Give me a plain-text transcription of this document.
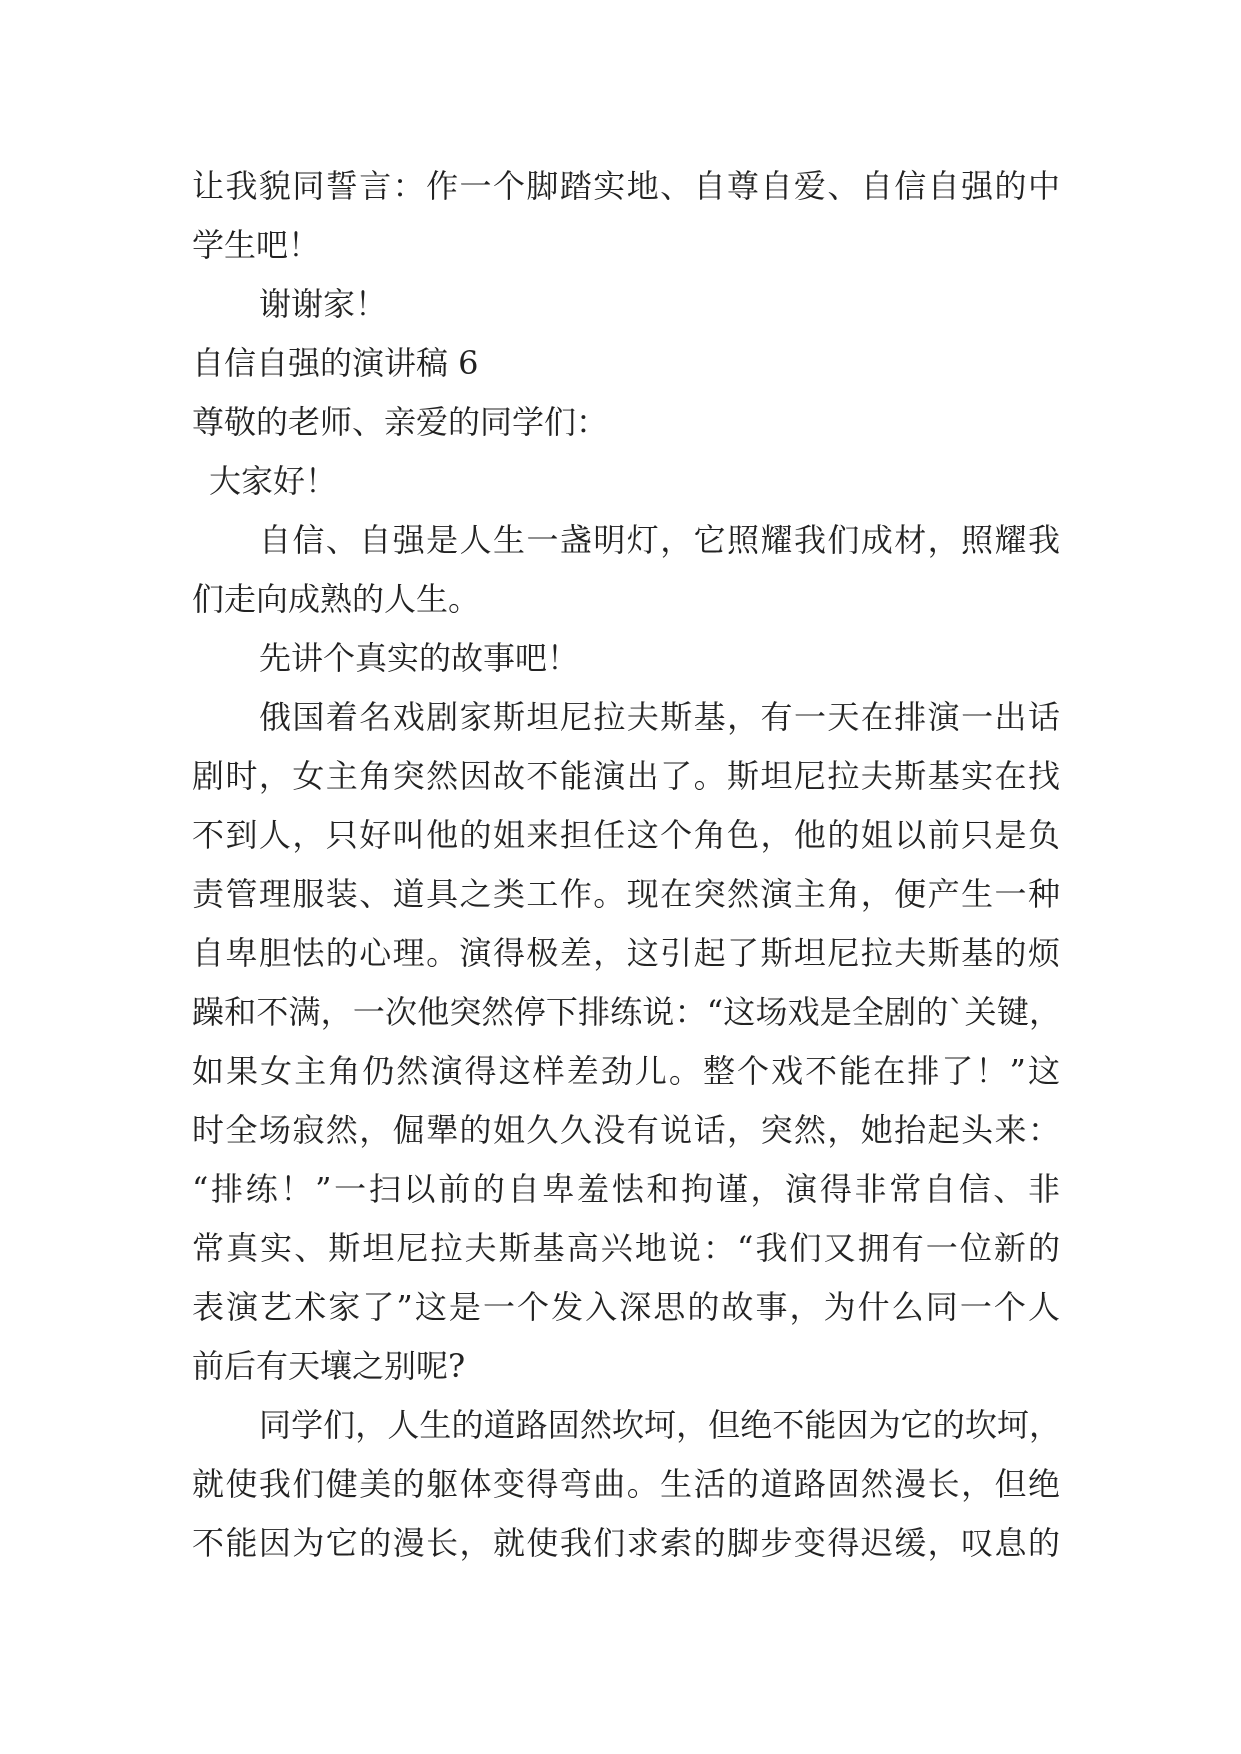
让我貌同誓言：作一个脚踏实地、自尊自爱、自信自强的中
学生吧！
谢谢家！
自信自强的演讲稿 6
尊敬的老师、亲爱的同学们：
大家好！
自信、自强是人生一盏明灯，它照耀我们成材，照耀我
们走向成熟的人生。
先讲个真实的故事吧！
俄国着名戏剧家斯坦尼拉夫斯基，有一天在排演一出话
剧时，女主角突然因故不能演出了。斯坦尼拉夫斯基实在找
不到人，只好叫他的姐来担任这个角色，他的姐以前只是负
责管理服装、道具之类工作。现在突然演主角，便产生一种
自卑胆怯的心理。演得极差，这引起了斯坦尼拉夫斯基的烦
躁和不满，一次他突然停下排练说：“这场戏是全剧的`关键，
如果女主角仍然演得这样差劲儿。整个戏不能在排了！”这
时全场寂然，倔犟的姐久久没有说话，突然，她抬起头来：
“排练！”一扫以前的自卑羞怯和拘谨，演得非常自信、非
常真实、斯坦尼拉夫斯基高兴地说：“我们又拥有一位新的
表演艺术家了”这是一个发入深思的故事，为什么同一个人
前后有天壤之别呢?
同学们，人生的道路固然坎坷，但绝不能因为它的坎坷，
就使我们健美的躯体变得弯曲。生活的道路固然漫长，但绝
不能因为它的漫长，就使我们求索的脚步变得迟缓，叹息的
